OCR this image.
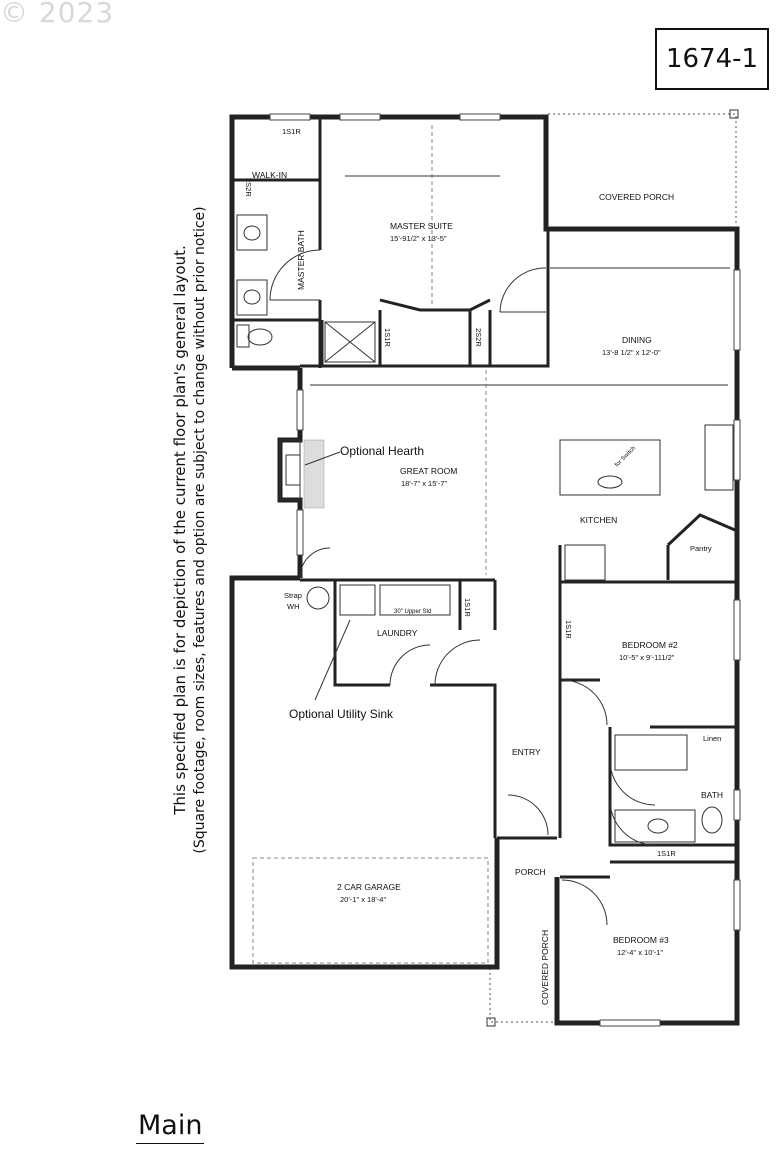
© 2023
1674-1
This specified plan is for depiction of the current floor plan's general layout. (Square footage, room sizes, features and option are subject to change without prior notice)
1S1R
2S2R
WALK-IN
MASTER BATH
MASTER SUITE
15'-91/2" x 13'-5"
1S1R	2S2R
COVERED PORCH
DINING
13'-8 1/2" x 12'-0"
Optional Hearth
GREAT ROOM
18'-7" x 15'-7"
for Switch
KITCHEN
Pantry
Strap
WH
30" Upper Std	1S1R
LAUNDRY
Optional Utility Sink
1S1R
BEDROOM #2
10'-5" x 9'-111/2"
Linen
ENTRY
BATH
1S1R
PORCH
2 CAR GARAGE
20'-1" x 18'-4"
BEDROOM #3
12'-4" x 10'-1"
COVERED PORCH
Main
